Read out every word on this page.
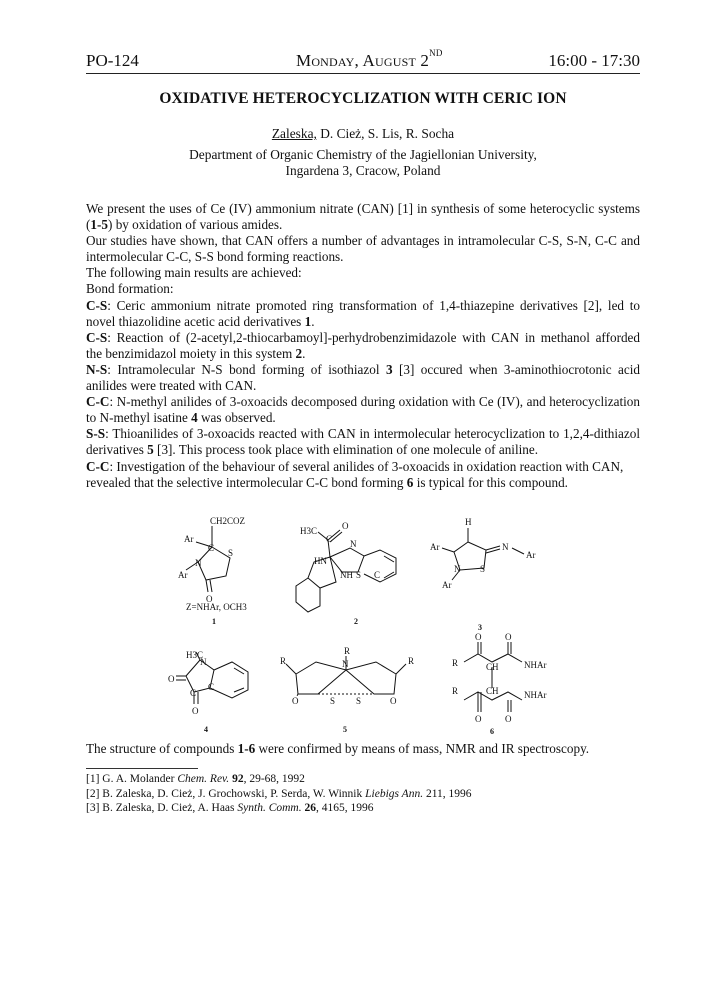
PO-124	Monday, August 2ND	16:00 - 17:30
OXIDATIVE HETEROCYCLIZATION WITH CERIC ION
Zaleska, D. Cież, S. Lis, R. Socha
Department of Organic Chemistry of the Jagiellonian University,
Ingardena 3, Cracow, Poland

We present the uses of Ce (IV) ammonium nitrate (CAN) [1] in synthesis of some heterocyclic systems (1-5) by oxidation of various amides.

Our studies have shown, that CAN offers a number of advantages in intramolecular C-S, S-N, C-C and intermolecular C-C, S-S bond forming reactions.

The following main results are achieved:

Bond formation:

C-S: Ceric ammonium nitrate promoted ring transformation of 1,4-thiazepine derivatives [2], led to novel thiazolidine acetic acid derivatives 1.

C-S: Reaction of (2-acetyl,2-thiocarbamoyl]-perhydrobenzimidazole with CAN in methanol afforded the benzimidazol moiety in this system 2.

N-S: Intramolecular N-S bond forming of isothiazol 3 [3] occured when 3-aminothiocrotonic acid anilides were treated with CAN.

C-C: N-methyl anilides of 3-oxoacids decomposed during oxidation with Ce (IV), and heterocyclization to N-methyl isatine 4 was observed.

S-S: Thioanilides of 3-oxoacids reacted with CAN in intermolecular heterocyclization to 1,2,4-dithiazol derivatives 5 [3]. This process took place with elimination of one molecule of aniline.

C-C: Investigation of the behaviour of several anilides of 3-oxoacids in oxidation reaction with CAN, revealed that the selective intermolecular C-C bond forming 6 is typical for this compound.

CH2COZ
Ar
C S
N
Ar
O
Z=NHAr, OCH3
1
H3C
C
O
HN
NH
N
S C
2
H
Ar
N S
Ar
N
Ar
3
H3C
N
O
C
C
O
4
R
N
R	R
O	S S	O
5
O	O
R	CH	NHAr
R	CH	NHAr
O	O
6
The structure of compounds 1-6 were confirmed by means of mass, NMR and IR spectroscopy.
[1] G. A. Molander Chem. Rev. 92, 29-68, 1992
[2] B. Zaleska, D. Cież, J. Grochowski, P. Serda, W. Winnik Liebigs Ann. 211, 1996
[3] B. Zaleska, D. Cież, A. Haas Synth. Comm. 26, 4165, 1996
